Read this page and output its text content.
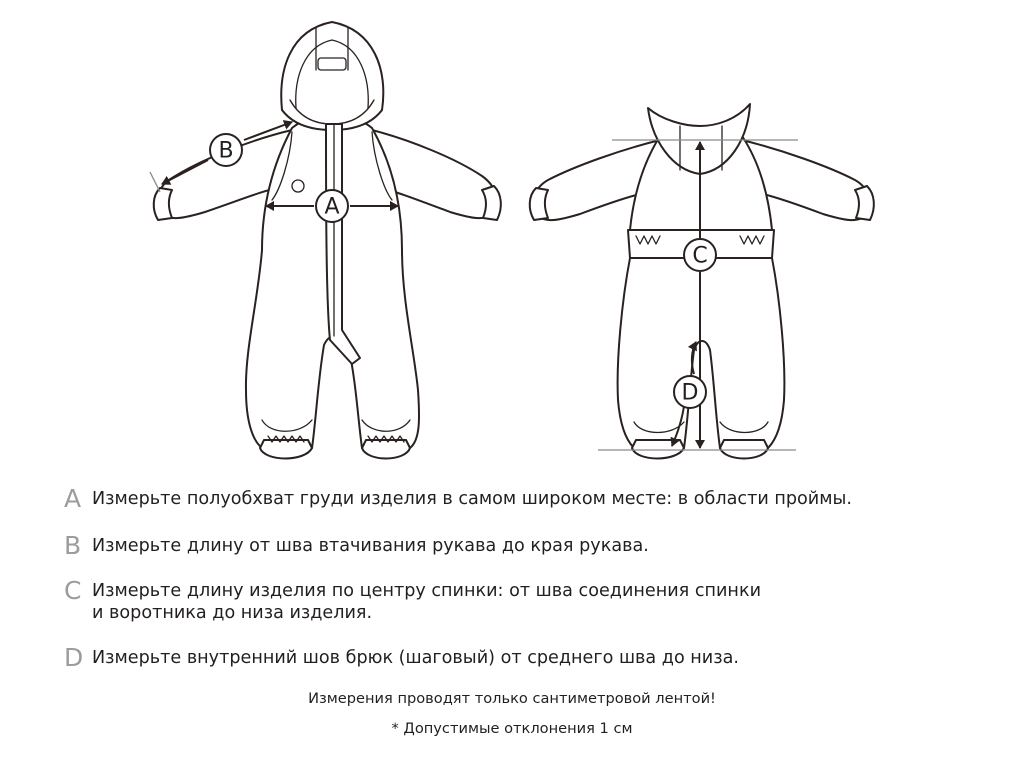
B
A
C
D
A Измерьте полуобхват груди изделия в самом широком месте: в области проймы.
B Измерьте длину от шва втачивания рукава до края рукава.
C Измерьте длину изделия по центру спинки: от шва соединения спинки
и воротника до низа изделия.
D Измерьте внутренний шов брюк (шаговый) от среднего шва до низа.
Измерения проводят только сантиметровой лентой!
* Допустимые отклонения 1 см
